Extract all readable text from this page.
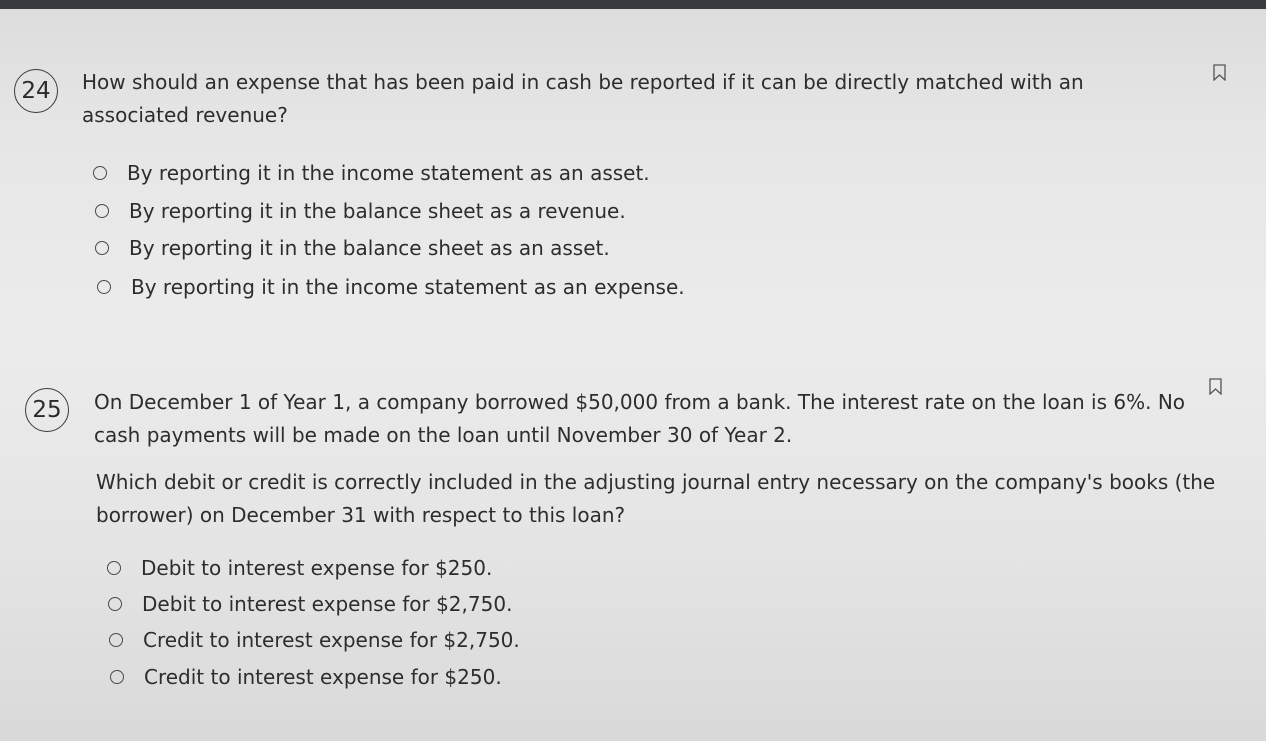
24	How should an expense that has been paid in cash be reported if it can be directly matched with an associated revenue?
By reporting it in the income statement as an asset.
By reporting it in the balance sheet as a revenue.
By reporting it in the balance sheet as an asset.
By reporting it in the income statement as an expense.
25	On December 1 of Year 1, a company borrowed $50,000 from a bank. The interest rate on the loan is 6%. No cash payments will be made on the loan until November 30 of Year 2.
Which debit or credit is correctly included in the adjusting journal entry necessary on the company's books (the borrower) on December 31 with respect to this loan?
Debit to interest expense for $250.
Debit to interest expense for $2,750.
Credit to interest expense for $2,750.
Credit to interest expense for $250.
